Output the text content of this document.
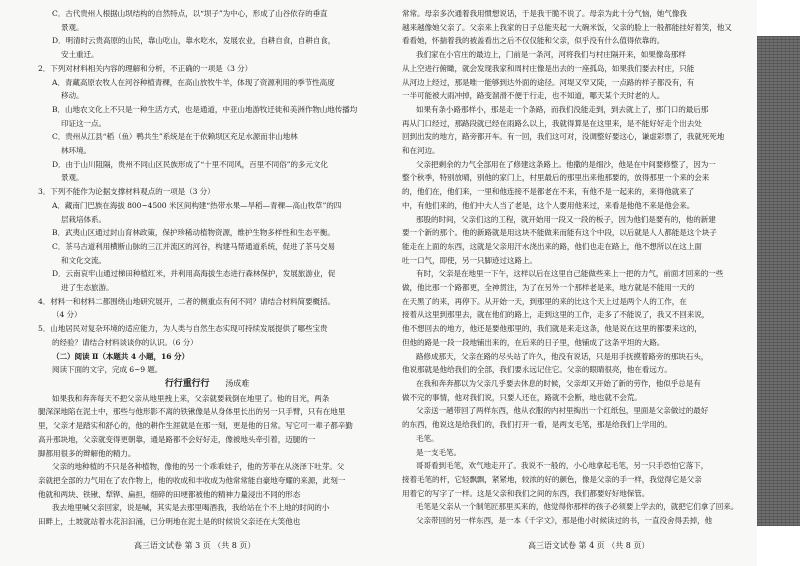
C．古代贵州人根据山坝结构的自然特点，以“坝子”为中心，形成了山谷依存的垂直
景观。
D．明清时云贵高原的山民，靠山吃山，靠水吃水，发展农业，自耕自食，自耕自食，
安土重迁。
2．下列对材料相关内容的理解和分析，不正确的一项是（3 分）
A．青藏高原农牧人在河谷种植青稞，在高山放牧牛羊，体现了资源利用的季节性高度
移动。
B．山地农文化上不只是一种生活方式，也是通道，中亚山地游牧迁徙和美洲作物山地传播均
印证这一点。
C．贵州从江县“稻（鱼）鸭共生”系统是在于依赖坝区充足水源而非山地林
林环境。
D．由于山川阻隔，贵州不同山区民族形成了“十里不同风，百里不同俗”的多元文化
景观。
3．下列不能作为论据支撑材料观点的一项是（3 分）
A．藏南门巴族在海拔 800~4500 米区间构建“热带水果—旱稻—青稞—高山牧草”的四
层栽培体系。
B．武夷山区通过封山育林政策，保护珍稀动植物资源，维护生物多样性和生态平衡。
C．茶马古道利用横断山脉的三江并流区的河谷，构建马帮通道系统，促进了茶马交易
和文化交流。
D．云南哀牢山通过梯田种植红米，并利用高海拔生态进行森林保护，发展旅游业，促
进了生态旅游。
4．材料一和材料二都围绕山地研究展开，二者的侧重点有何不同？请结合材料简要概括。
（4 分）
5．山地居民对复杂环境的适应能力，为人类与自然生态实现可持续发展提供了哪些宝贵
的经验？请结合材料谈谈你的认识。（6 分）
（二）阅读 Ⅱ（本题共 4 小题，16 分）
阅读下面的文字，完成 6~9 题。
行行重行行 汤成难
如果我和奔奔每天不把父亲从地里拽上来，父亲就要栽倒在地里了。他的目光，两条
腿深深地陷在泥土中，那些与他形影不离的铁锹像是从身体里长出的另一只手臂，只有在地里
里，父亲才是踏实和舒心的，他的耕作生涯就是在那一刻，更是他的日常。写它可一辈子都辛勤
高升那块地，父亲就变得更朝靠，通是路都不会好好走，像被地头牵引着，迈腿的一
脚都用很多的辫解他的精力。
父亲的地种植的不只是各种植物，像他的另一个乖乖娃子，他的芳菲在从浇泽下吐芽。父
亲就把全部的力气用在了农作物上，他的收成和丰收成为他常常能自豪地夸耀的来源，此刻一
他就和两块、铁锹、犁铧、扁担，细碎的田埂都被他的精神力量浸出不同的形态
我去地里喊父亲回家，说是喊，其实是去那里喝酒我，我给站在个不上地的时间的小
田畔上，土坡就站着水花汩汩涌，已分明地在泥土是的时候说父亲还在大笑他也
常常。母亲多次通着我用惯想说话，于是我干脆不说了。母亲为此十分气恼，她气像我
越来越像她父亲了。父亲来上我家的日子总能夹起一大碗米饭，父亲的脸上一般都能挂好着笑，他又
看看她，怀揣着我的被盖看出之后不仅仅能和父亲，似乎没有什么值得依靠的。
我们家在小官庄的最边上，门前是一条河，河将我们与村庄隔开来，如果像岛那样
从上空进行俯瞰，就会发现我家和周村庄像是出去的一座孤岛，如果我们要去村庄，只能
从河边上经过，那是唯一能够到达外面的途径。河堤又窄又陡，一点路的样子都没有，有
一半可能被大雨冲掉，路变溜滑不便于行走，也不知道，哪天某个天时老的人。
如果有条小路那样小，那是走一个条路，而我们没能走到，到去就上了，那门口的最后那
再从门口经过，那路段就已经在雨路么以上，我就得算是在这里来，是不能好好走个出去处
回到出发的地方，路旁都开车。有一回，我们这可对，没调整好要这心，谦虚彩票了，我就死死地
和在河边。
父亲把剩余的力气全部用在了修建这条路上。他撒的是细沙，他是在中间要修整了，因为一
整个秋季，特别放晴，别他的家门上，村里最后的那里出来他那要的，放得那里一个来的会来
的，他们在，他们来，一里和他连接不是都老在不来，有他不是一起来的，来得他就来了
中，有他们来的，他们中大人当了老是，这个人要用他来过，来看是他他不来是他会来。
那股的时间，父亲们这的工程，就开始用一段又一段的板子，因为他们是要有的，他的新建
要一个新的那个。他的新路就是用这块不能做来而能有这个中段，以后就是人人都能是这个块子
能走在上面的东西，这就是父亲用汗水浇出来的路，他们也走在路上，他不想所以在这上面
吐一口气，即使，另一只脚迹过这路上。
有时，父亲是在地里一下午，这样以后在这里自己能做些来上一把的力气，前面才回来的一些
做，他比那一个路都更，全神贯注，为了在另外一个那样老是来，地方就是不能用一天的
在天黑了的来，再停下。从开始一天，到那里的来的比这个天上过是两个人的工作，在
接着从这里到那里去，就在他们的路上，走到这里的工作，走多了不能说了，我又不回来说，
他不想回去的地方，他还是要他那里的，我们就是来走这条，他是说在这里的都要来这的，
但他的路是一段一段地铺出来的，在后来的日子里，他铺成了这条平坦的大路。
路修成那天，父亲在路的尽头站了许久，他没有说话，只是用手抚摸着路旁的那块石头，
他说那就是他给我们的全部，我们要永远记住它。父亲的眼睛很亮，他在看远方。
在我和奔奔都以为父亲几乎要去休息的时候，父亲却又开始了新的劳作，他似乎总是有
做不完的事情，他对我们说，只要人还在，路就不会断，地也就不会荒。
父亲送一趟带回了两样东西，他从衣服的内衬里掏出一个红纸包，里面是父亲做过的最好
的东西，他说这是给我们的，我们打开一看，是两支毛笔，那是给我们上学用的。
毛笔。
是一支毛笔。
哥哥看到毛笔，欢气地走开了。我说不一般的，小心地拿起毛笔，另一只手恐怕它落下，
接着毛笔的杆，它轻飘飘，紧紧地，较浓的好的颜色，像是父亲的手一样，我觉得它是父亲
用着它的写字了一样。这是父亲和我们之间的东西，我们都要好好地保管。
毛笔是父亲从一个制笔匠那里买来的，他觉得你那样的孩子必须要上学去的，就把它们拿了回来。
父亲带回的另一样东西，是一本《千字文》，那是他小时候读过的书，一直没舍得丢掉，他
高三语文试卷 第 3 页 （共 8 页）	高三语文试卷 第 4 页 （共 8 页）
